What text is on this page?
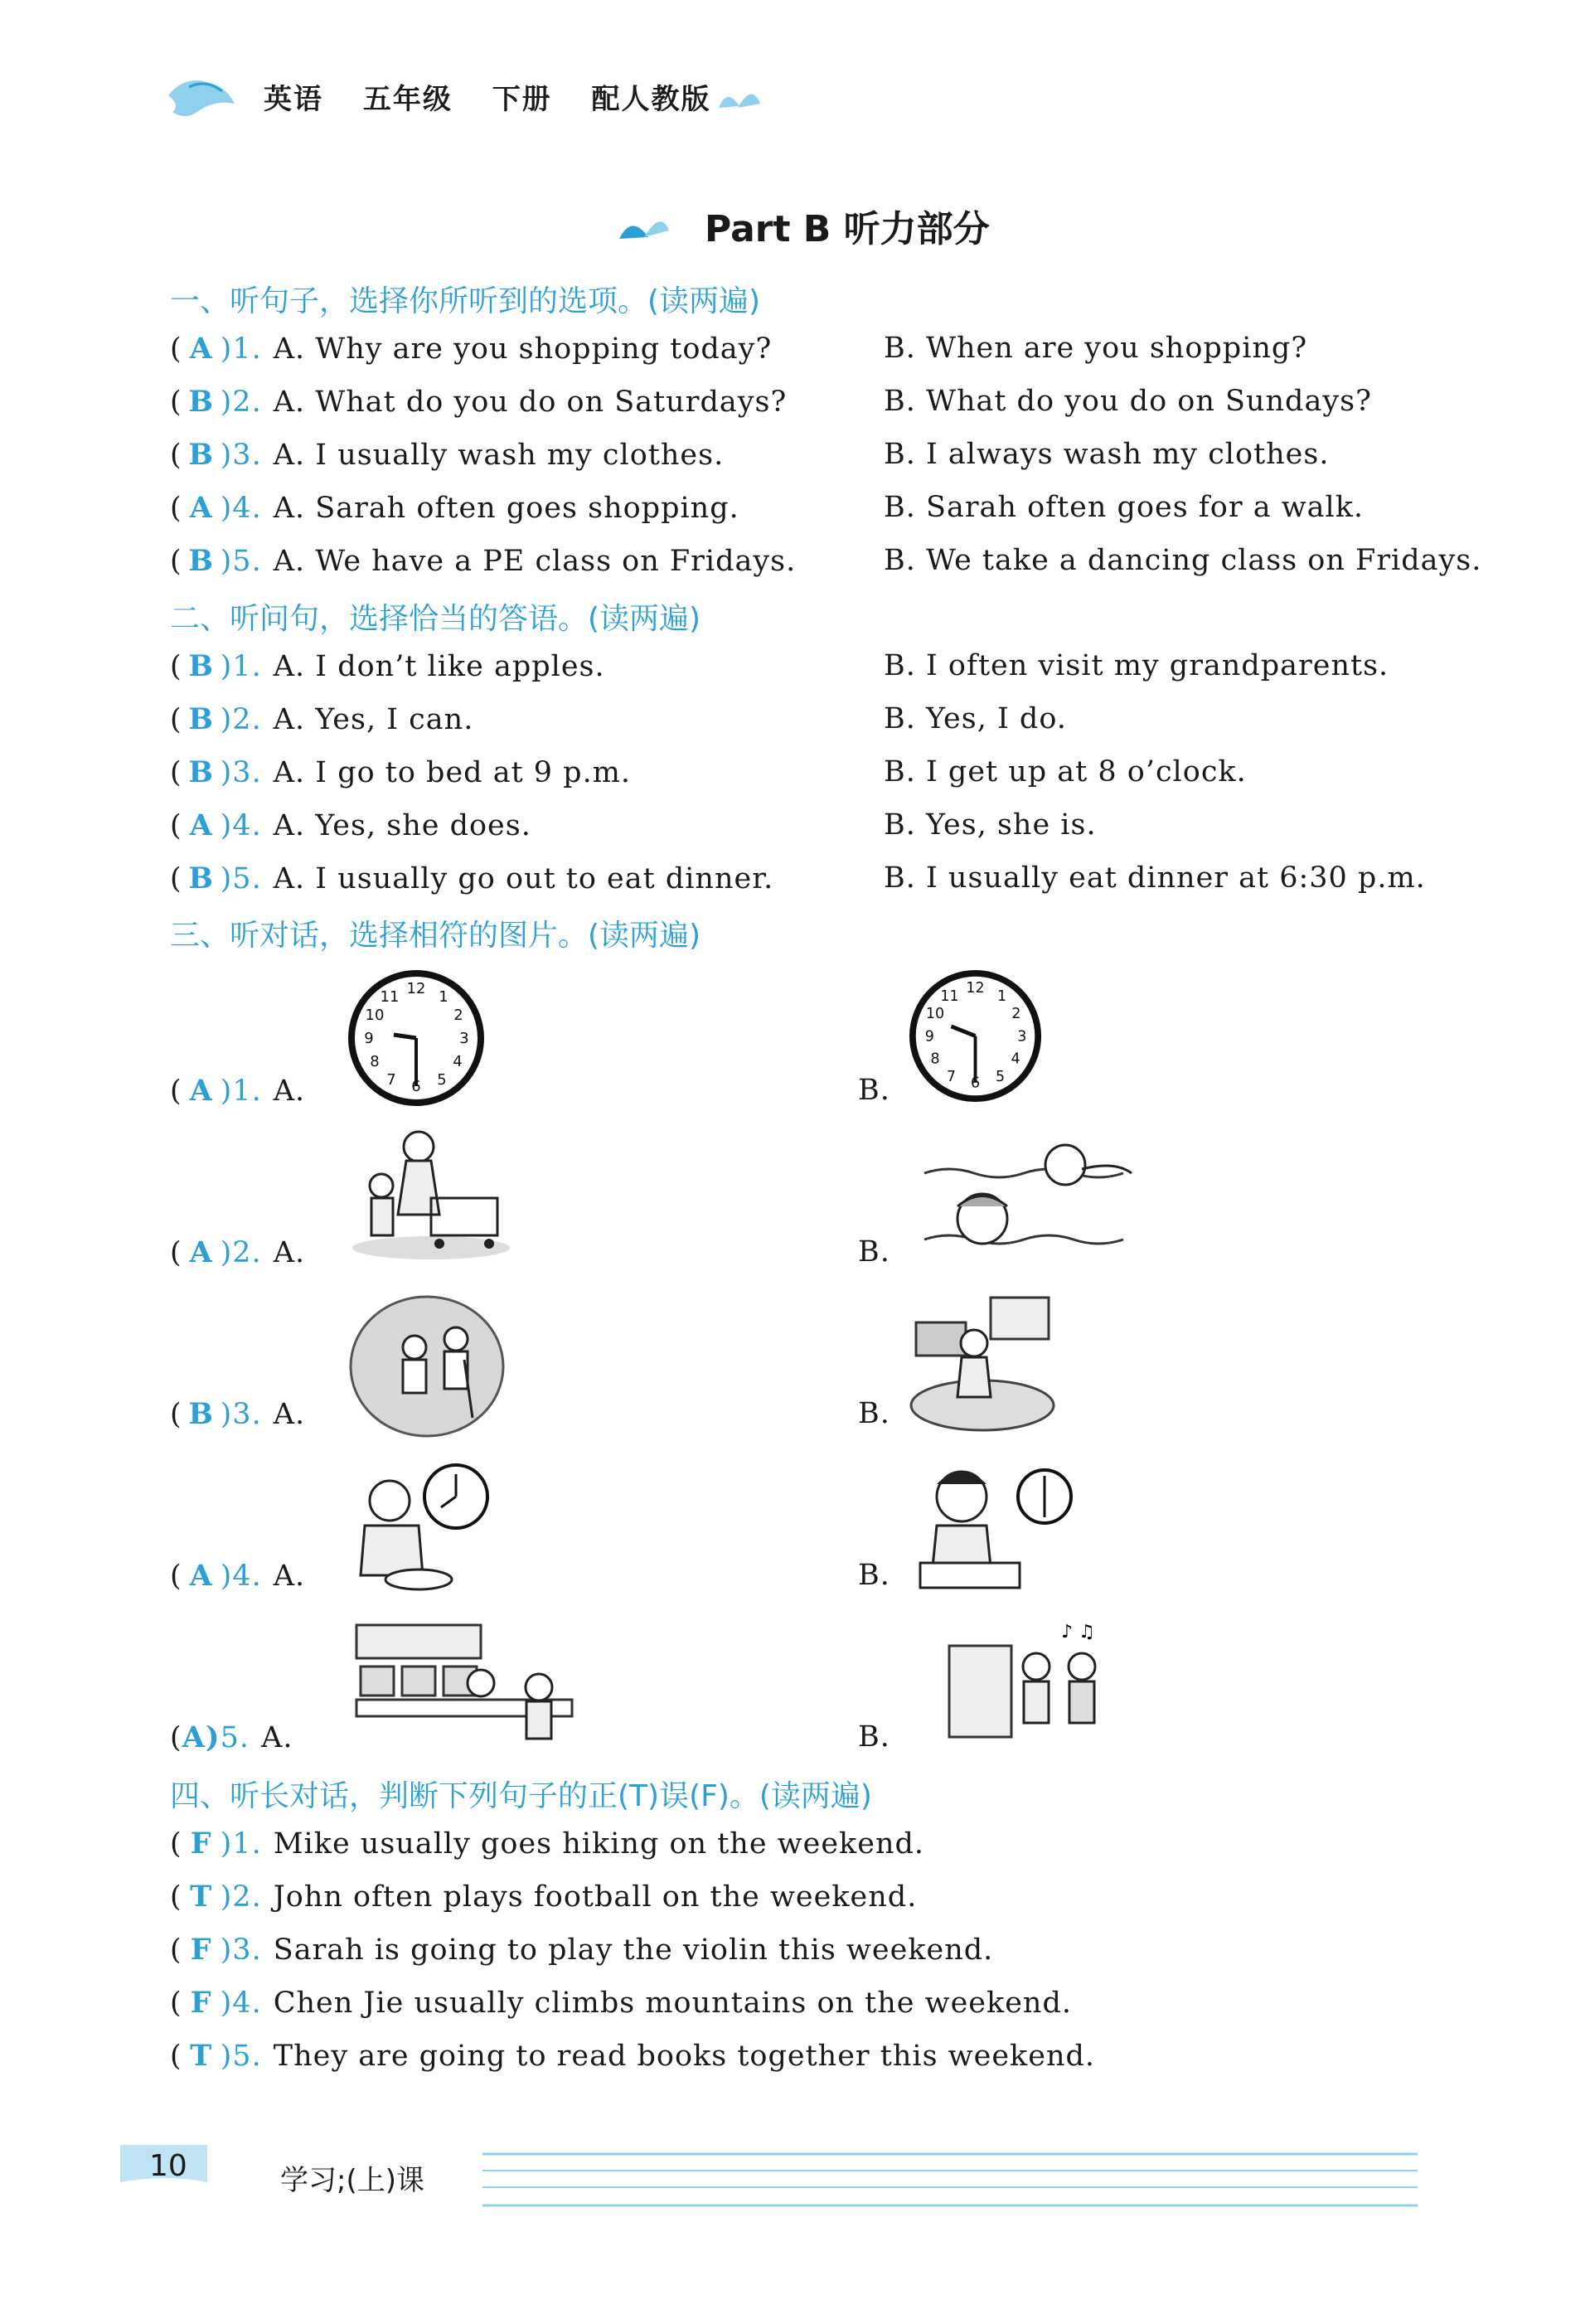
英语 五年级 下册 配人教版
Part B 听力部分
一、听句子，选择你所听到的选项。(读两遍)
二、听问句，选择恰当的答语。(读两遍)
三、听对话，选择相符的图片。(读两遍)
四、听长对话，判断下列句子的正(T)误(F)。(读两遍)
( A )1. A. Why are you shopping today?	B. When are you shopping?
( B )2. A. What do you do on Saturdays?	B. What do you do on Sundays?
( B )3. A. I usually wash my clothes.	B. I always wash my clothes.
( A )4. A. Sarah often goes shopping.	B. Sarah often goes for a walk.
( B )5. A. We have a PE class on Fridays.	B. We take a dancing class on Fridays.
( B )1. A. I don’t like apples.	B. I often visit my grandparents.
( B )2. A. Yes, I can.	B. Yes, I do.
( B )3. A. I go to bed at 9 p.m.	B. I get up at 8 o’clock.
( A )4. A. Yes, she does.	B. Yes, she is.
( B )5. A. I usually go out to eat dinner.	B. I usually eat dinner at 6:30 p.m.
( A )1. A.	B.
( A )2. A.	B.
( B )3. A.	B.
( A )4. A.	B.
(A)5. A.	B.
( F )1. Mike usually goes hiking on the weekend.
( T )2. John often plays football on the weekend.
( F )3. Sarah is going to play the violin this weekend.
( F )4. Chen Jie usually climbs mountains on the weekend.
( T )5. They are going to read books together this weekend.
12 1
2
3
4
5
6
7
8
9
10
11	12 1
2
3
4
5
6
7
8
9
10
11
♪ ♫
10	学习;(上)课
